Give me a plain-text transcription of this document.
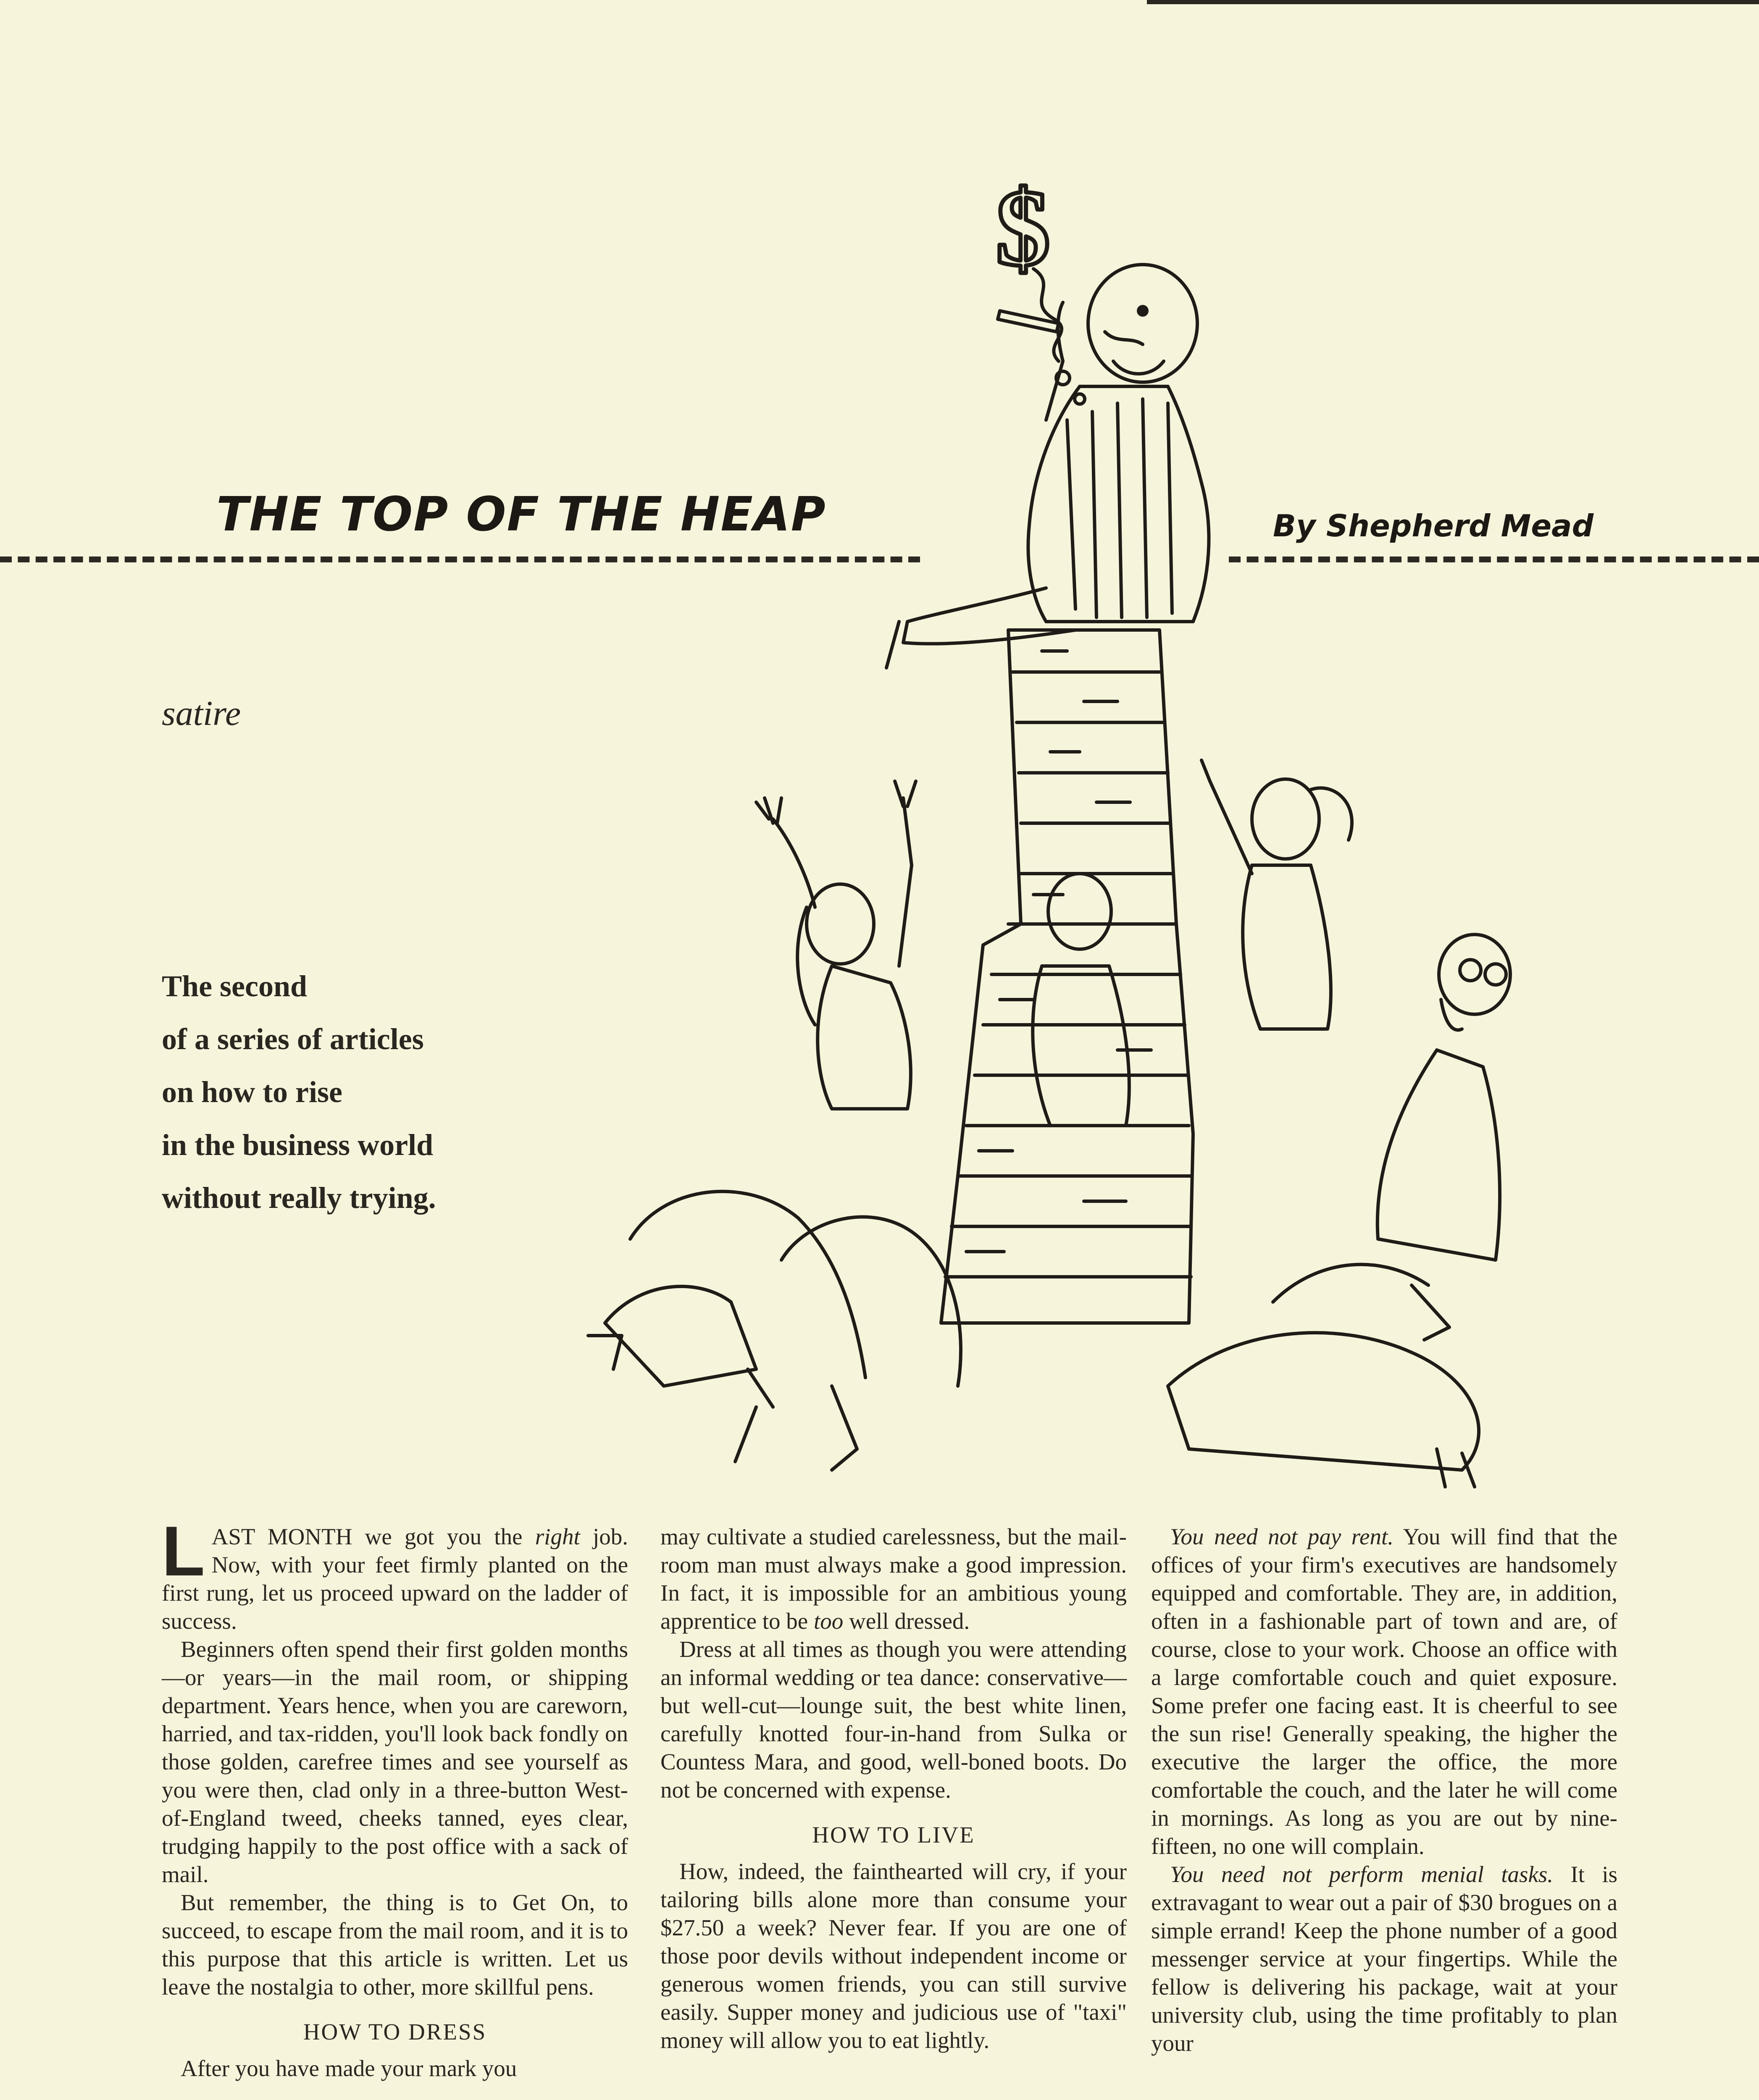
THE TOP OF THE HEAP	By Shepherd Mead
satire
The second
of a series of articles
on how to rise
in the business world
without really trying.
$

LAST MONTH we got you the right job. Now, with your feet firmly planted on the first rung, let us proceed upward on the ladder of success.

Beginners often spend their first golden months—or years—in the mail room, or shipping department. Years hence, when you are careworn, harried, and tax-ridden, you'll look back fondly on those golden, carefree times and see yourself as you were then, clad only in a three-button West-of-England tweed, cheeks tanned, eyes clear, trudging happily to the post office with a sack of mail.

But remember, the thing is to Get On, to succeed, to escape from the mail room, and it is to this purpose that this article is written. Let us leave the nostalgia to other, more skillful pens.

HOW TO DRESS

After you have made your mark you

may cultivate a studied carelessness, but the mail-room man must always make a good impression. In fact, it is impossible for an ambitious young apprentice to be too well dressed.

Dress at all times as though you were attending an informal wedding or tea dance: conservative—but well-cut—lounge suit, the best white linen, carefully knotted four-in-hand from Sulka or Countess Mara, and good, well-boned boots. Do not be concerned with expense.

HOW TO LIVE

How, indeed, the fainthearted will cry, if your tailoring bills alone more than consume your $27.50 a week? Never fear. If you are one of those poor devils without independent income or generous women friends, you can still survive easily. Supper money and judicious use of "taxi" money will allow you to eat lightly.

You need not pay rent. You will find that the offices of your firm's executives are handsomely equipped and comfortable. They are, in addition, often in a fashionable part of town and are, of course, close to your work. Choose an office with a large comfortable couch and quiet exposure. Some prefer one facing east. It is cheerful to see the sun rise! Generally speaking, the higher the executive the larger the office, the more comfortable the couch, and the later he will come in mornings. As long as you are out by nine-fifteen, no one will complain.

You need not perform menial tasks. It is extravagant to wear out a pair of $30 brogues on a simple errand! Keep the phone number of a good messenger service at your fingertips. While the fellow is delivering his package, wait at your university club, using the time profitably to plan your
